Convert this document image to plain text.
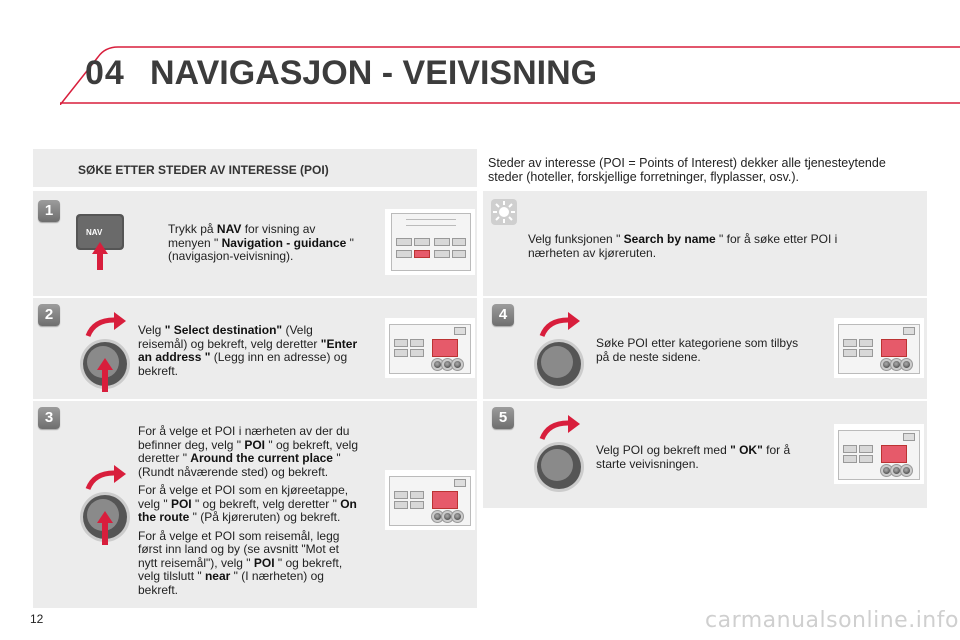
04 NAVIGASJON - VEIVISNING
SØKE ETTER STEDER AV INTERESSE (POI)	Steder av interesse (POI = Points of Interest) dekker alle tjenesteytende steder (hoteller, forskjellige forretninger, flyplasser, osv.).
1
NAV	Trykk på NAV for visning av
menyen " Navigation - guidance "
(navigasjon-veivisning).
2
Velg " Select destination" (Velg
reisemål) og bekreft, velg deretter "Enter
an address " (Legg inn en adresse) og
bekreft.
3
For å velge et POI i nærheten av der du
befinner deg, velg " POI " og bekreft, velg
deretter " Around the current place "
(Rundt nåværende sted) og bekreft.
For å velge et POI som en kjøreetappe,
velg " POI " og bekreft, velg deretter " On
the route " (På kjøreruten) og bekreft.
For å velge et POI som reisemål, legg
først inn land og by (se avsnitt "Mot et
nytt reisemål"), velg " POI " og bekreft,
velg tilslutt " near " (I nærheten) og
bekreft.
Velg funksjonen " Search by name " for å søke etter POI i
nærheten av kjøreruten.
4
Søke POI etter kategoriene som tilbys
på de neste sidene.
5
Velg POI og bekreft med " OK" for å
starte veivisningen.
12	carmanualsonline.info
